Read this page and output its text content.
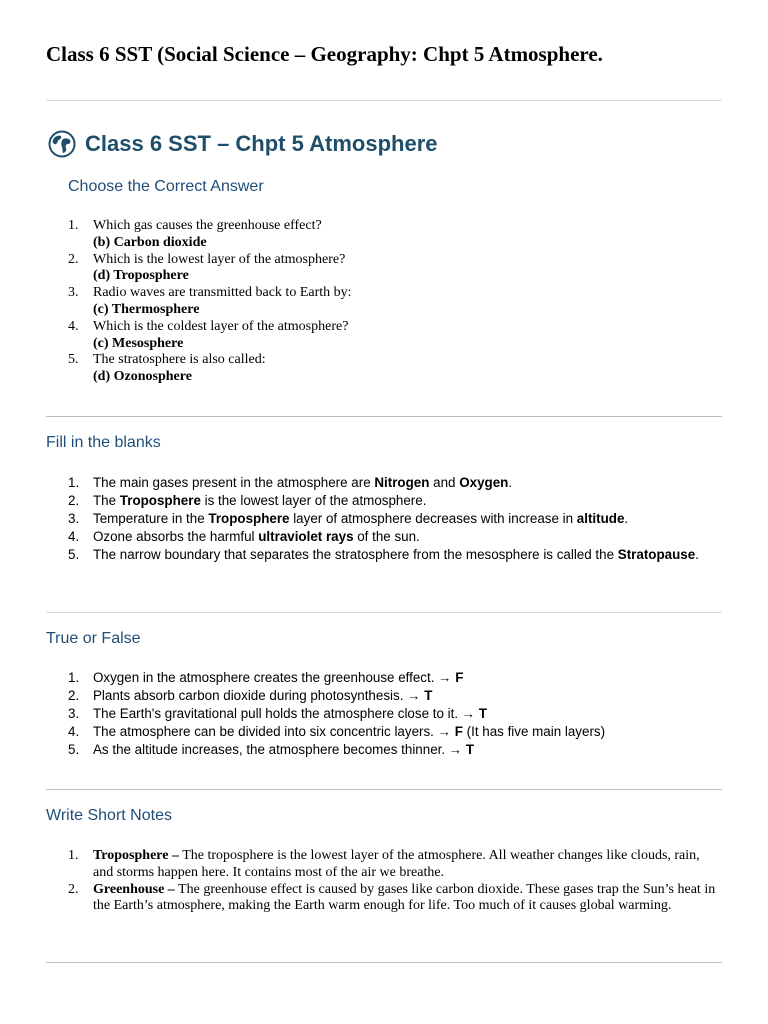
Class 6 SST (Social Science – Geography: Chpt 5 Atmosphere.
Class 6 SST – Chpt 5 Atmosphere
Choose the Correct Answer
1. Which gas causes the greenhouse effect?
(b) Carbon dioxide
2. Which is the lowest layer of the atmosphere?
(d) Troposphere
3. Radio waves are transmitted back to Earth by:
(c) Thermosphere
4. Which is the coldest layer of the atmosphere?
(c) Mesosphere
5. The stratosphere is also called:
(d) Ozonosphere
Fill in the blanks
1. The main gases present in the atmosphere are Nitrogen and Oxygen.
2. The Troposphere is the lowest layer of the atmosphere.
3. Temperature in the Troposphere layer of atmosphere decreases with increase in altitude.
4. Ozone absorbs the harmful ultraviolet rays of the sun.
5. The narrow boundary that separates the stratosphere from the mesosphere is called the Stratopause.
True or False
1. Oxygen in the atmosphere creates the greenhouse effect. → F
2. Plants absorb carbon dioxide during photosynthesis. → T
3. The Earth's gravitational pull holds the atmosphere close to it. → T
4. The atmosphere can be divided into six concentric layers. → F (It has five main layers)
5. As the altitude increases, the atmosphere becomes thinner. → T
Write Short Notes
1. Troposphere – The troposphere is the lowest layer of the atmosphere. All weather changes like clouds, rain, and storms happen here. It contains most of the air we breathe.
2. Greenhouse – The greenhouse effect is caused by gases like carbon dioxide. These gases trap the Sun’s heat in the Earth’s atmosphere, making the Earth warm enough for life. Too much of it causes global warming.
